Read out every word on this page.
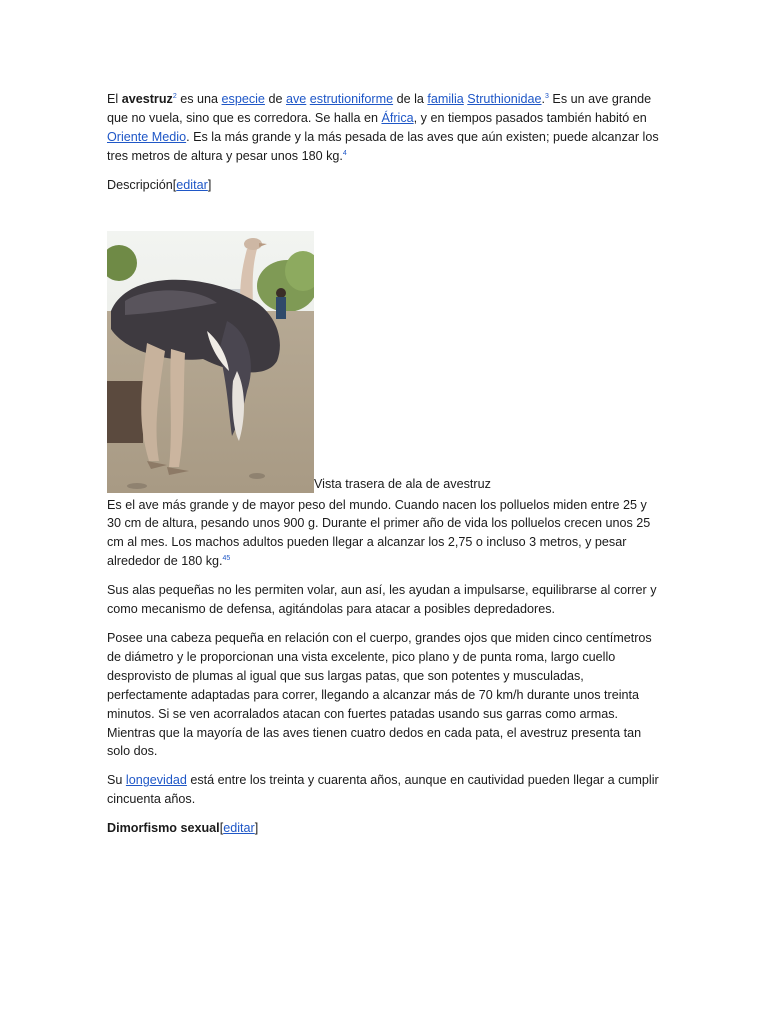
El avestruz$^2$ es una especie de ave estrutioniforme de la familia Struthionidae.$^3$ Es un ave grande que no vuela, sino que es corredora. Se halla en África, y en tiempos pasados también habitó en Oriente Medio. Es la más grande y la más pesada de las aves que aún existen; puede alcanzar los tres metros de altura y pesar unos 180 kg.$^4$

Descripción[editar]

Vista trasera de ala de avestruz

Es el ave más grande y de mayor peso del mundo. Cuando nacen los polluelos miden entre 25 y 30 cm de altura, pesando unos 900 g. Durante el primer año de vida los polluelos crecen unos 25 cm al mes. Los machos adultos pueden llegar a alcanzar los 2,75 o incluso 3 metros, y pesar alrededor de 180 kg.$^{45}$

Sus alas pequeñas no les permiten volar, aun así, les ayudan a impulsarse, equilibrarse al correr y como mecanismo de defensa, agitándolas para atacar a posibles depredadores.

Posee una cabeza pequeña en relación con el cuerpo, grandes ojos que miden cinco centímetros de diámetro y le proporcionan una vista excelente, pico plano y de punta roma, largo cuello desprovisto de plumas al igual que sus largas patas, que son potentes y musculadas, perfectamente adaptadas para correr, llegando a alcanzar más de 70 km/h durante unos treinta minutos. Si se ven acorralados atacan con fuertes patadas usando sus garras como armas. Mientras que la mayoría de las aves tienen cuatro dedos en cada pata, el avestruz presenta tan solo dos.

Su longevidad está entre los treinta y cuarenta años, aunque en cautividad pueden llegar a cumplir cincuenta años.

Dimorfismo sexual[editar]
